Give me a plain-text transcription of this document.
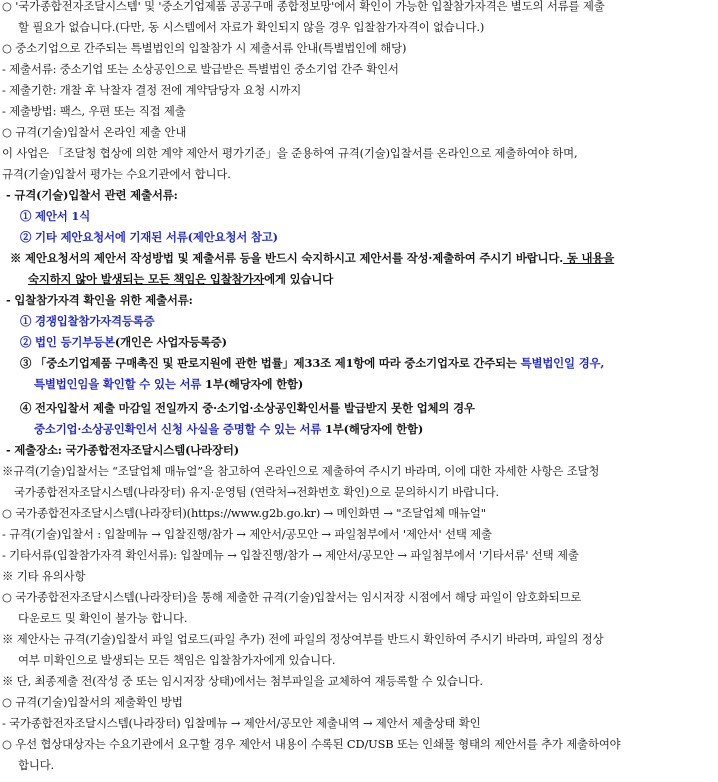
○ '국가종합전자조달시스템' 및 '중소기업제품 공공구매 종합정보망'에서 확인이 가능한 입찰참가자격은 별도의 서류를 제출
할 필요가 없습니다.(다만, 동 시스템에서 자료가 확인되지 않을 경우 입찰참가자격이 없습니다.)
○ 중소기업으로 간주되는 특별법인의 입찰참가 시 제출서류 안내(특별법인에 해당)
- 제출서류: 중소기업 또는 소상공인으로 발급받은 특별법인 중소기업 간주 확인서
- 제출기한: 개찰 후 낙찰자 결정 전에 계약담당자 요청 시까지
- 제출방법: 팩스, 우편 또는 직접 제출
○ 규격(기술)입찰서 온라인 제출 안내
이 사업은 「조달청 협상에 의한 계약 제안서 평가기준」을 준용하여 규격(기술)입찰서를 온라인으로 제출하여야 하며,
규격(기술)입찰서 평가는 수요기관에서 합니다.
- 규격(기술)입찰서 관련 제출서류:
① 제안서 1식
② 기타 제안요청서에 기재된 서류(제안요청서 참고)
※ 제안요청서의 제안서 작성방법 및 제출서류 등을 반드시 숙지하시고 제안서를 작성·제출하여 주시기 바랍니다. 동 내용을
숙지하지 않아 발생되는 모든 책임은 입찰참가자에게 있습니다
- 입찰참가자격 확인을 위한 제출서류:
① 경쟁입찰참가자격등록증
② 법인 등기부등본(개인은 사업자등록증)
③ 「중소기업제품 구매촉진 및 판로지원에 관한 법률」제33조 제1항에 따라 중소기업자로 간주되는 특별법인일 경우,
특별법인임을 확인할 수 있는 서류 1부(해당자에 한함)
④ 전자입찰서 제출 마감일 전일까지 중·소기업·소상공인확인서를 발급받지 못한 업체의 경우
중소기업·소상공인확인서 신청 사실을 증명할 수 있는 서류 1부(해당자에 한함)
- 제출장소: 국가종합전자조달시스템(나라장터)
※규격(기술)입찰서는 “조달업체 매뉴얼”을 참고하여 온라인으로 제출하여 주시기 바라며, 이에 대한 자세한 사항은 조달청
국가종합전자조달시스템(나라장터) 유지·운영팀 (연락처→전화번호 확인)으로 문의하시기 바랍니다.
○ 국가종합전자조달시스템(나라장터)(https://www.g2b.go.kr) → 메인화면 → "조달업체 매뉴얼"
- 규격(기술)입찰서 : 입찰메뉴 → 입찰진행/참가 → 제안서/공모안 → 파일첨부에서 '제안서' 선택 제출
- 기타서류(입찰참가자격 확인서류): 입찰메뉴 → 입찰진행/참가 → 제안서/공모안 → 파일첨부에서 '기타서류' 선택 제출
※ 기타 유의사항
○ 국가종합전자조달시스템(나라장터)을 통해 제출한 규격(기술)입찰서는 임시저장 시점에서 해당 파일이 암호화되므로
다운로드 및 확인이 불가능 합니다.
※ 제안사는 규격(기술)입찰서 파일 업로드(파일 추가) 전에 파일의 정상여부를 반드시 확인하여 주시기 바라며, 파일의 정상
여부 미확인으로 발생되는 모든 책임은 입찰참가자에게 있습니다.
※ 단, 최종제출 전(작성 중 또는 임시저장 상태)에서는 첨부파일을 교체하여 재등록할 수 있습니다.
○ 규격(기술)입찰서의 제출확인 방법
- 국가종합전자조달시스템(나라장터) 입찰메뉴 → 제안서/공모안 제출내역 → 제안서 제출상태 확인
○ 우선 협상대상자는 수요기관에서 요구할 경우 제안서 내용이 수록된 CD/USB 또는 인쇄물 형태의 제안서를 추가 제출하여야
합니다.
